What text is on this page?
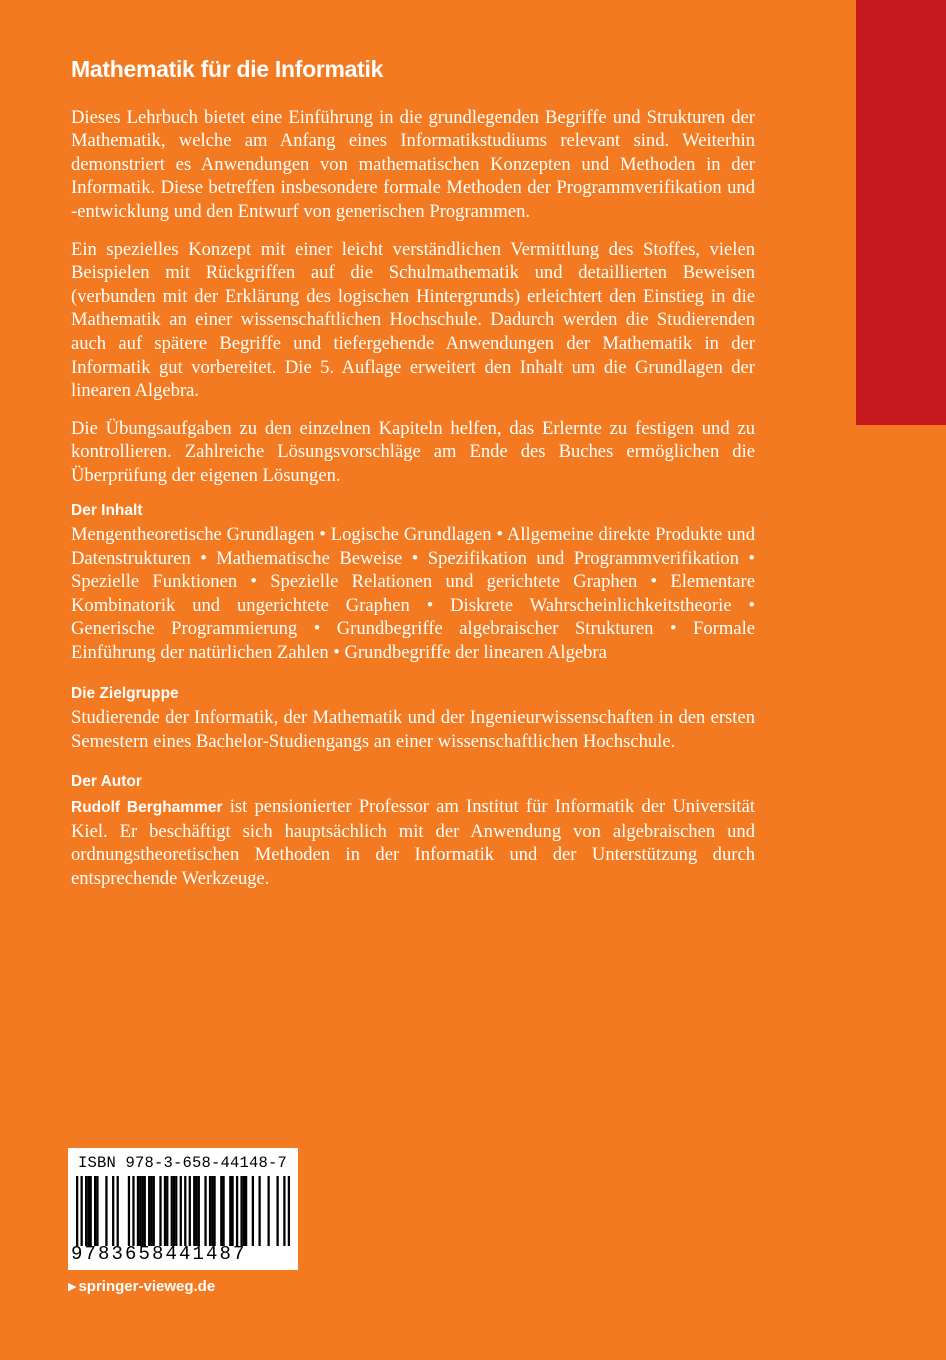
Mathematik für die Informatik

Dieses Lehrbuch bietet eine Einführung in die grundlegenden Begriffe und Strukturen der Mathematik, welche am Anfang eines Informatikstudiums relevant sind. Weiterhin demonstriert es Anwendungen von mathematischen Konzepten und Methoden in der Informatik. Diese betreffen insbesondere formale Methoden der Programmverifikation und -entwicklung und den Entwurf von generischen Programmen.

Ein spezielles Konzept mit einer leicht verständlichen Vermittlung des Stoffes, vielen Beispielen mit Rückgriffen auf die Schulmathematik und detaillierten Beweisen (verbunden mit der Erklärung des logischen Hintergrunds) erleichtert den Einstieg in die Mathematik an einer wissenschaftlichen Hochschule. Dadurch werden die Studierenden auch auf spätere Begriffe und tiefergehende Anwendungen der Mathematik in der Informatik gut vorbereitet. Die 5. Auflage erweitert den Inhalt um die Grundlagen der linearen Algebra.

Die Übungsaufgaben zu den einzelnen Kapiteln helfen, das Erlernte zu festigen und zu kontrollieren. Zahlreiche Lösungsvorschläge am Ende des Buches ermöglichen die Überprüfung der eigenen Lösungen.

Der Inhalt

Mengentheoretische Grundlagen • Logische Grundlagen • Allgemeine direkte Produkte und Datenstrukturen • Mathematische Beweise • Spezifikation und Programmverifikation • Spezielle Funktionen • Spezielle Relationen und gerichtete Graphen • Elementare Kombinatorik und ungerichtete Graphen • Diskrete Wahrscheinlichkeitstheorie • Generische Programmierung • Grundbegriffe algebraischer Strukturen • Formale Einführung der natürlichen Zahlen • Grundbegriffe der linearen Algebra

Die Zielgruppe

Studierende der Informatik, der Mathematik und der Ingenieurwissenschaften in den ersten Semestern eines Bachelor-Studiengangs an einer wissenschaftlichen Hochschule.

Der Autor

Rudolf Berghammer ist pensionierter Professor am Institut für Informatik der Universität Kiel. Er beschäftigt sich hauptsächlich mit der Anwendung von algebraischen und ordnungstheoretischen Methoden in der Informatik und der Unterstützung durch entsprechende Werkzeuge.

ISBN 978-3-658-44148-7
9783658441487
▶ springer-vieweg.de
